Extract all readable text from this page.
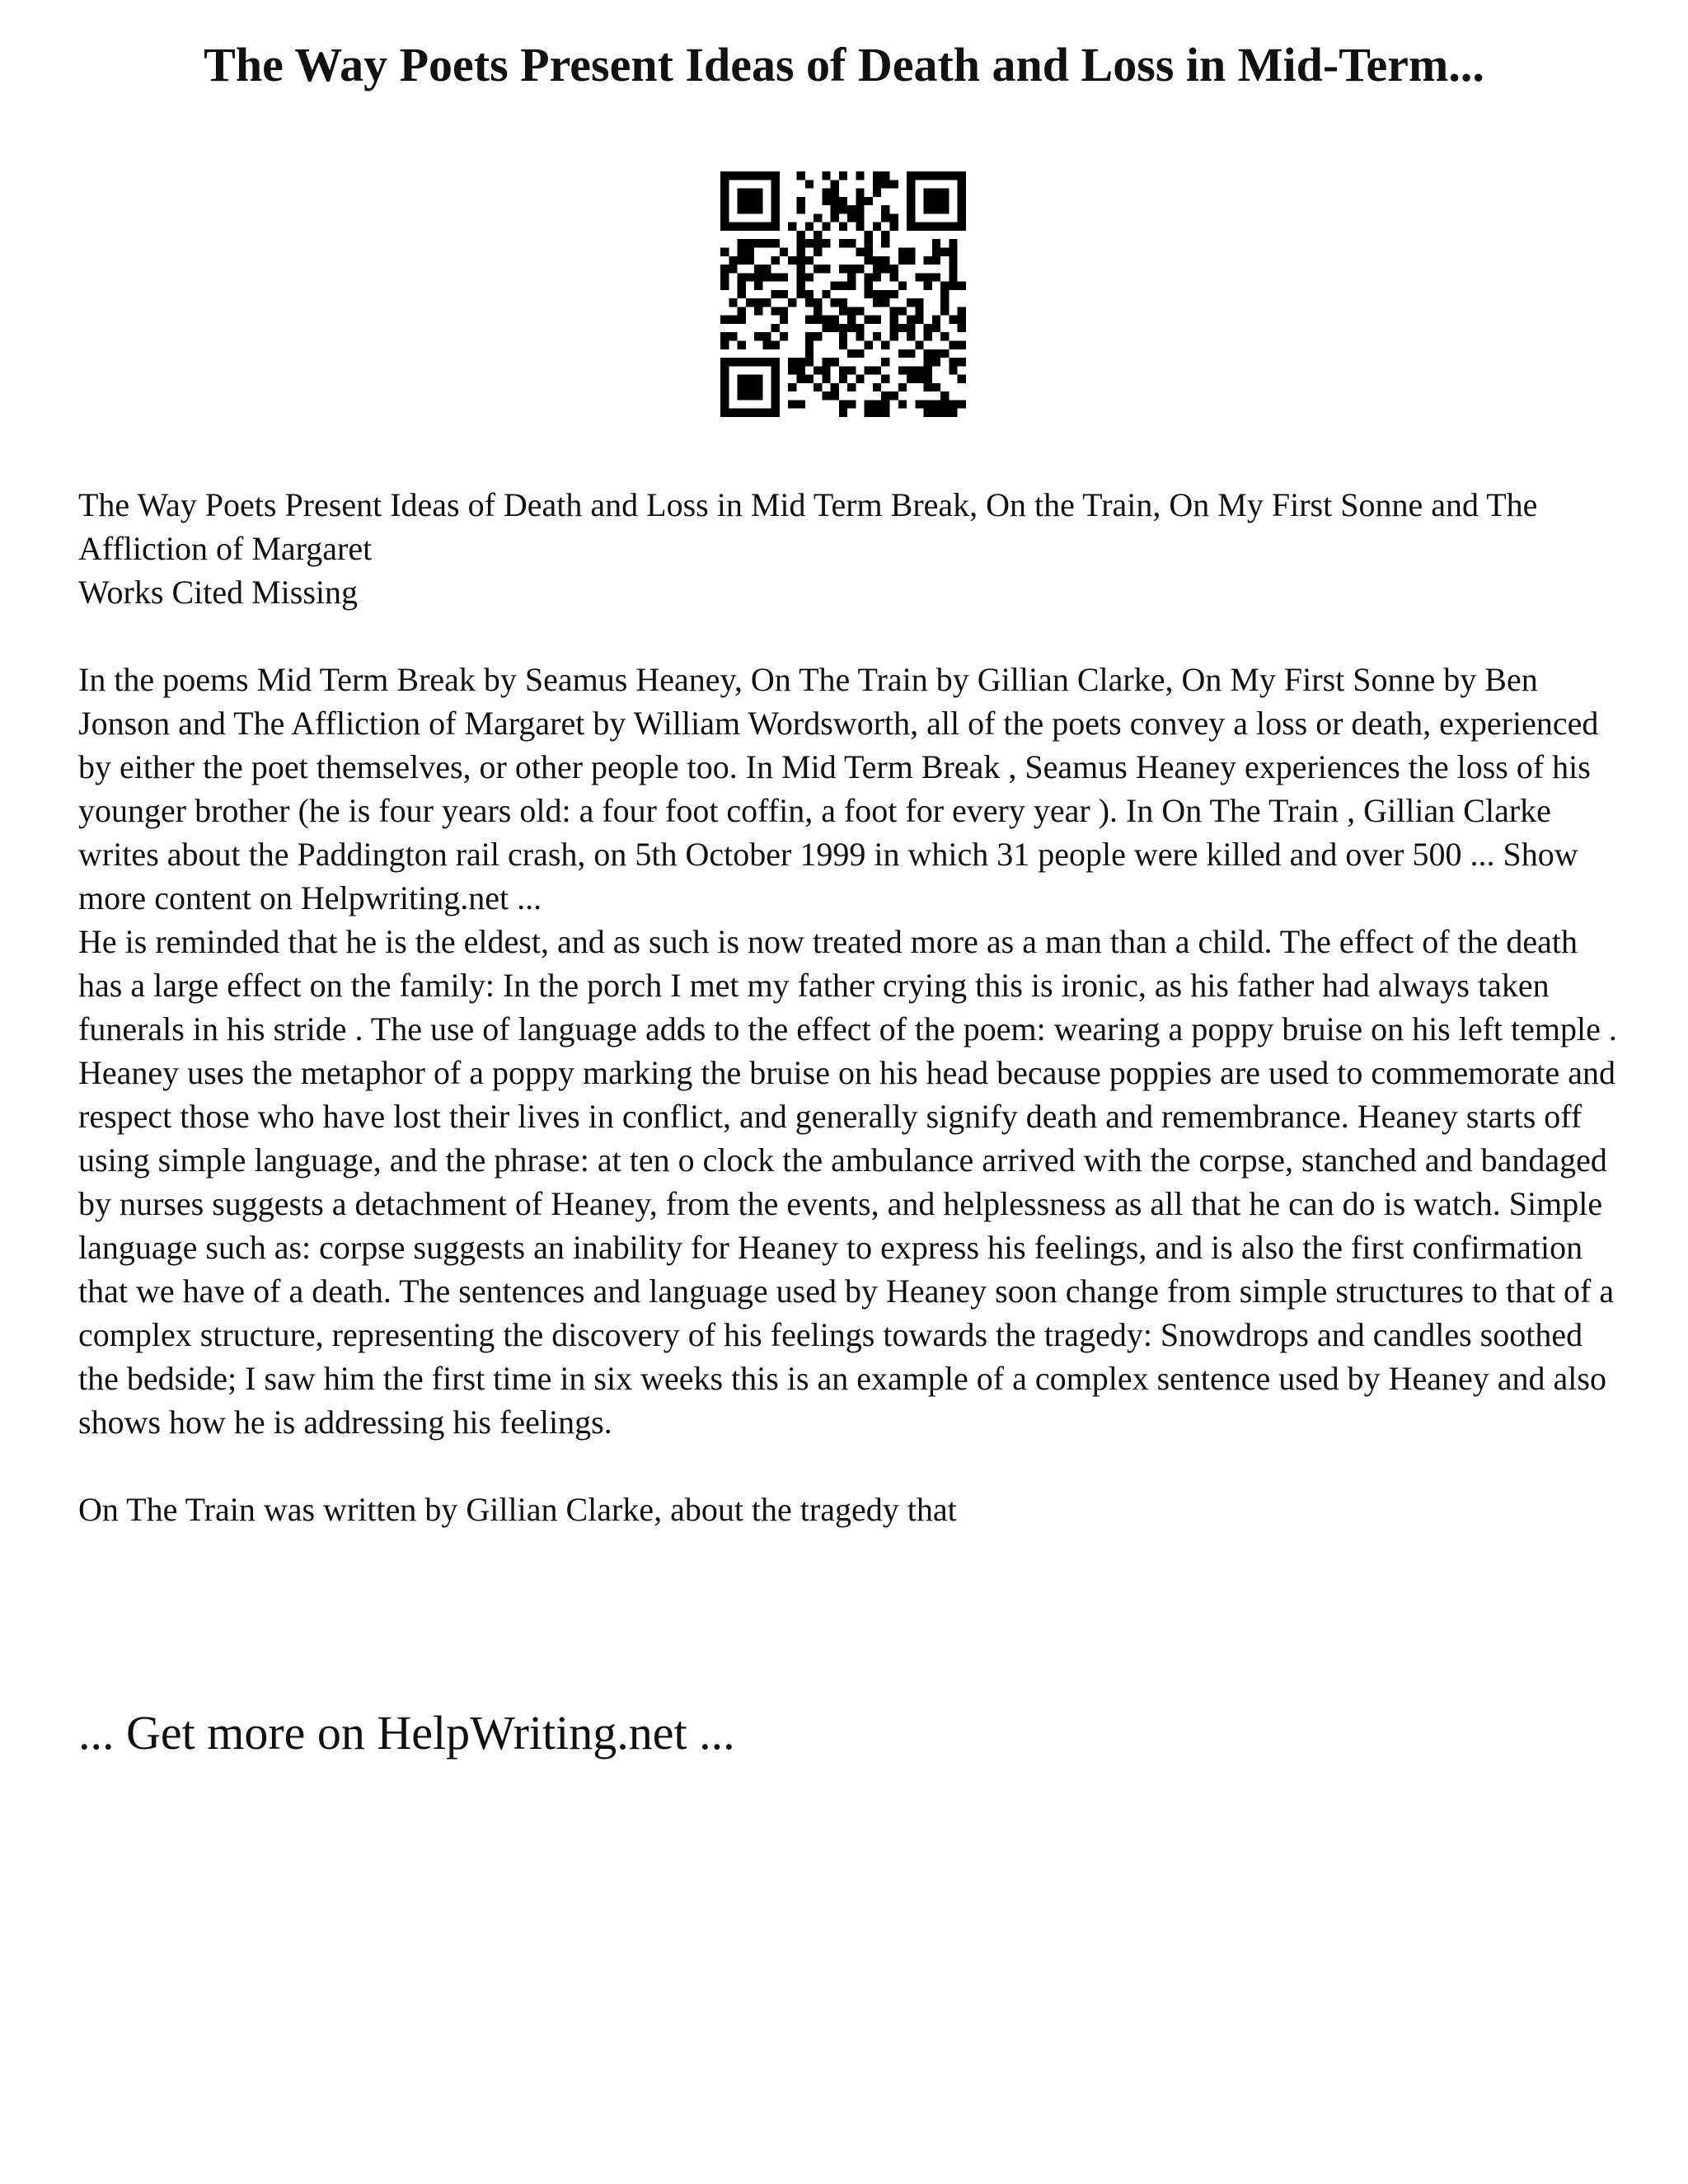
The Way Poets Present Ideas of Death and Loss in Mid-Term...

The Way Poets Present Ideas of Death and Loss in Mid Term Break, On the Train, On My First Sonne and The Affliction of Margaret

Works Cited Missing

In the poems Mid Term Break by Seamus Heaney, On The Train by Gillian Clarke, On My First Sonne by Ben Jonson and The Affliction of Margaret by William Wordsworth, all of the poets convey a loss or death, experienced by either the poet themselves, or other people too. In Mid Term Break , Seamus Heaney experiences the loss of his younger brother (he is four years old: a four foot coffin, a foot for every year ). In On The Train , Gillian Clarke writes about the Paddington rail crash, on 5th October 1999 in which 31 people were killed and over 500 ... Show more content on Helpwriting.net ...

He is reminded that he is the eldest, and as such is now treated more as a man than a child. The effect of the death has a large effect on the family: In the porch I met my father crying this is ironic, as his father had always taken funerals in his stride . The use of language adds to the effect of the poem: wearing a poppy bruise on his left temple . Heaney uses the metaphor of a poppy marking the bruise on his head because poppies are used to commemorate and respect those who have lost their lives in conflict, and generally signify death and remembrance. Heaney starts off using simple language, and the phrase: at ten o clock the ambulance arrived with the corpse, stanched and bandaged by nurses suggests a detachment of Heaney, from the events, and helplessness as all that he can do is watch. Simple language such as: corpse suggests an inability for Heaney to express his feelings, and is also the first confirmation that we have of a death. The sentences and language used by Heaney soon change from simple structures to that of a complex structure, representing the discovery of his feelings towards the tragedy: Snowdrops and candles soothed the bedside; I saw him the first time in six weeks this is an example of a complex sentence used by Heaney and also shows how he is addressing his feelings.

On The Train was written by Gillian Clarke, about the tragedy that

... Get more on HelpWriting.net ...
